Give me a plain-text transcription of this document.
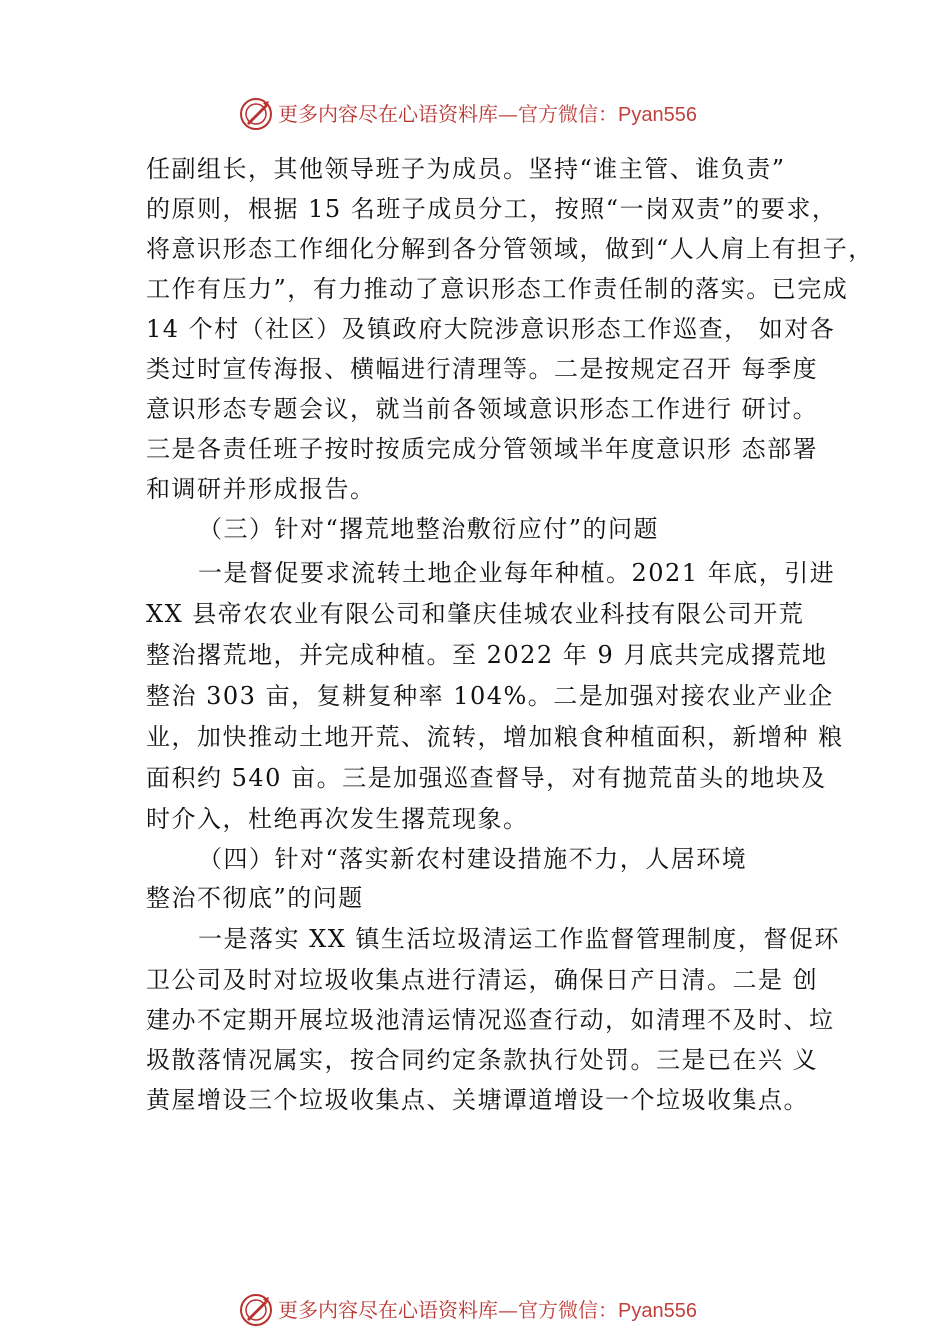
更多内容尽在心语资料库—官方微信：Pyan556
任副组长，其他领导班子为成员。坚持“谁主管、谁负责”
的原则，根据 15 名班子成员分工，按照“一岗双责”的要求，
将意识形态工作细化分解到各分管领域，做到“人人肩上有担子，
工作有压力”，有力推动了意识形态工作责任制的落实。已完成
14 个村（社区）及镇政府大院涉意识形态工作巡查， 如对各
类过时宣传海报、横幅进行清理等。二是按规定召开 每季度
意识形态专题会议，就当前各领域意识形态工作进行 研讨。
三是各责任班子按时按质完成分管领域半年度意识形 态部署
和调研并形成报告。
（三）针对“撂荒地整治敷衍应付”的问题
一是督促要求流转土地企业每年种植。2021 年底，引进
XX 县帝农农业有限公司和肇庆佳城农业科技有限公司开荒
整治撂荒地，并完成种植。至 2022 年 9 月底共完成撂荒地
整治 303 亩，复耕复种率 104%。二是加强对接农业产业企
业，加快推动土地开荒、流转，增加粮食种植面积，新增种 粮
面积约 540 亩。三是加强巡查督导，对有抛荒苗头的地块及
时介入，杜绝再次发生撂荒现象。
（四）针对“落实新农村建设措施不力，人居环境
整治不彻底”的问题
一是落实 XX 镇生活垃圾清运工作监督管理制度，督促环
卫公司及时对垃圾收集点进行清运，确保日产日清。二是 创
建办不定期开展垃圾池清运情况巡查行动，如清理不及时、垃
圾散落情况属实，按合同约定条款执行处罚。三是已在兴 义
黄屋增设三个垃圾收集点、关塘谭道增设一个垃圾收集点。
更多内容尽在心语资料库—官方微信：Pyan556
